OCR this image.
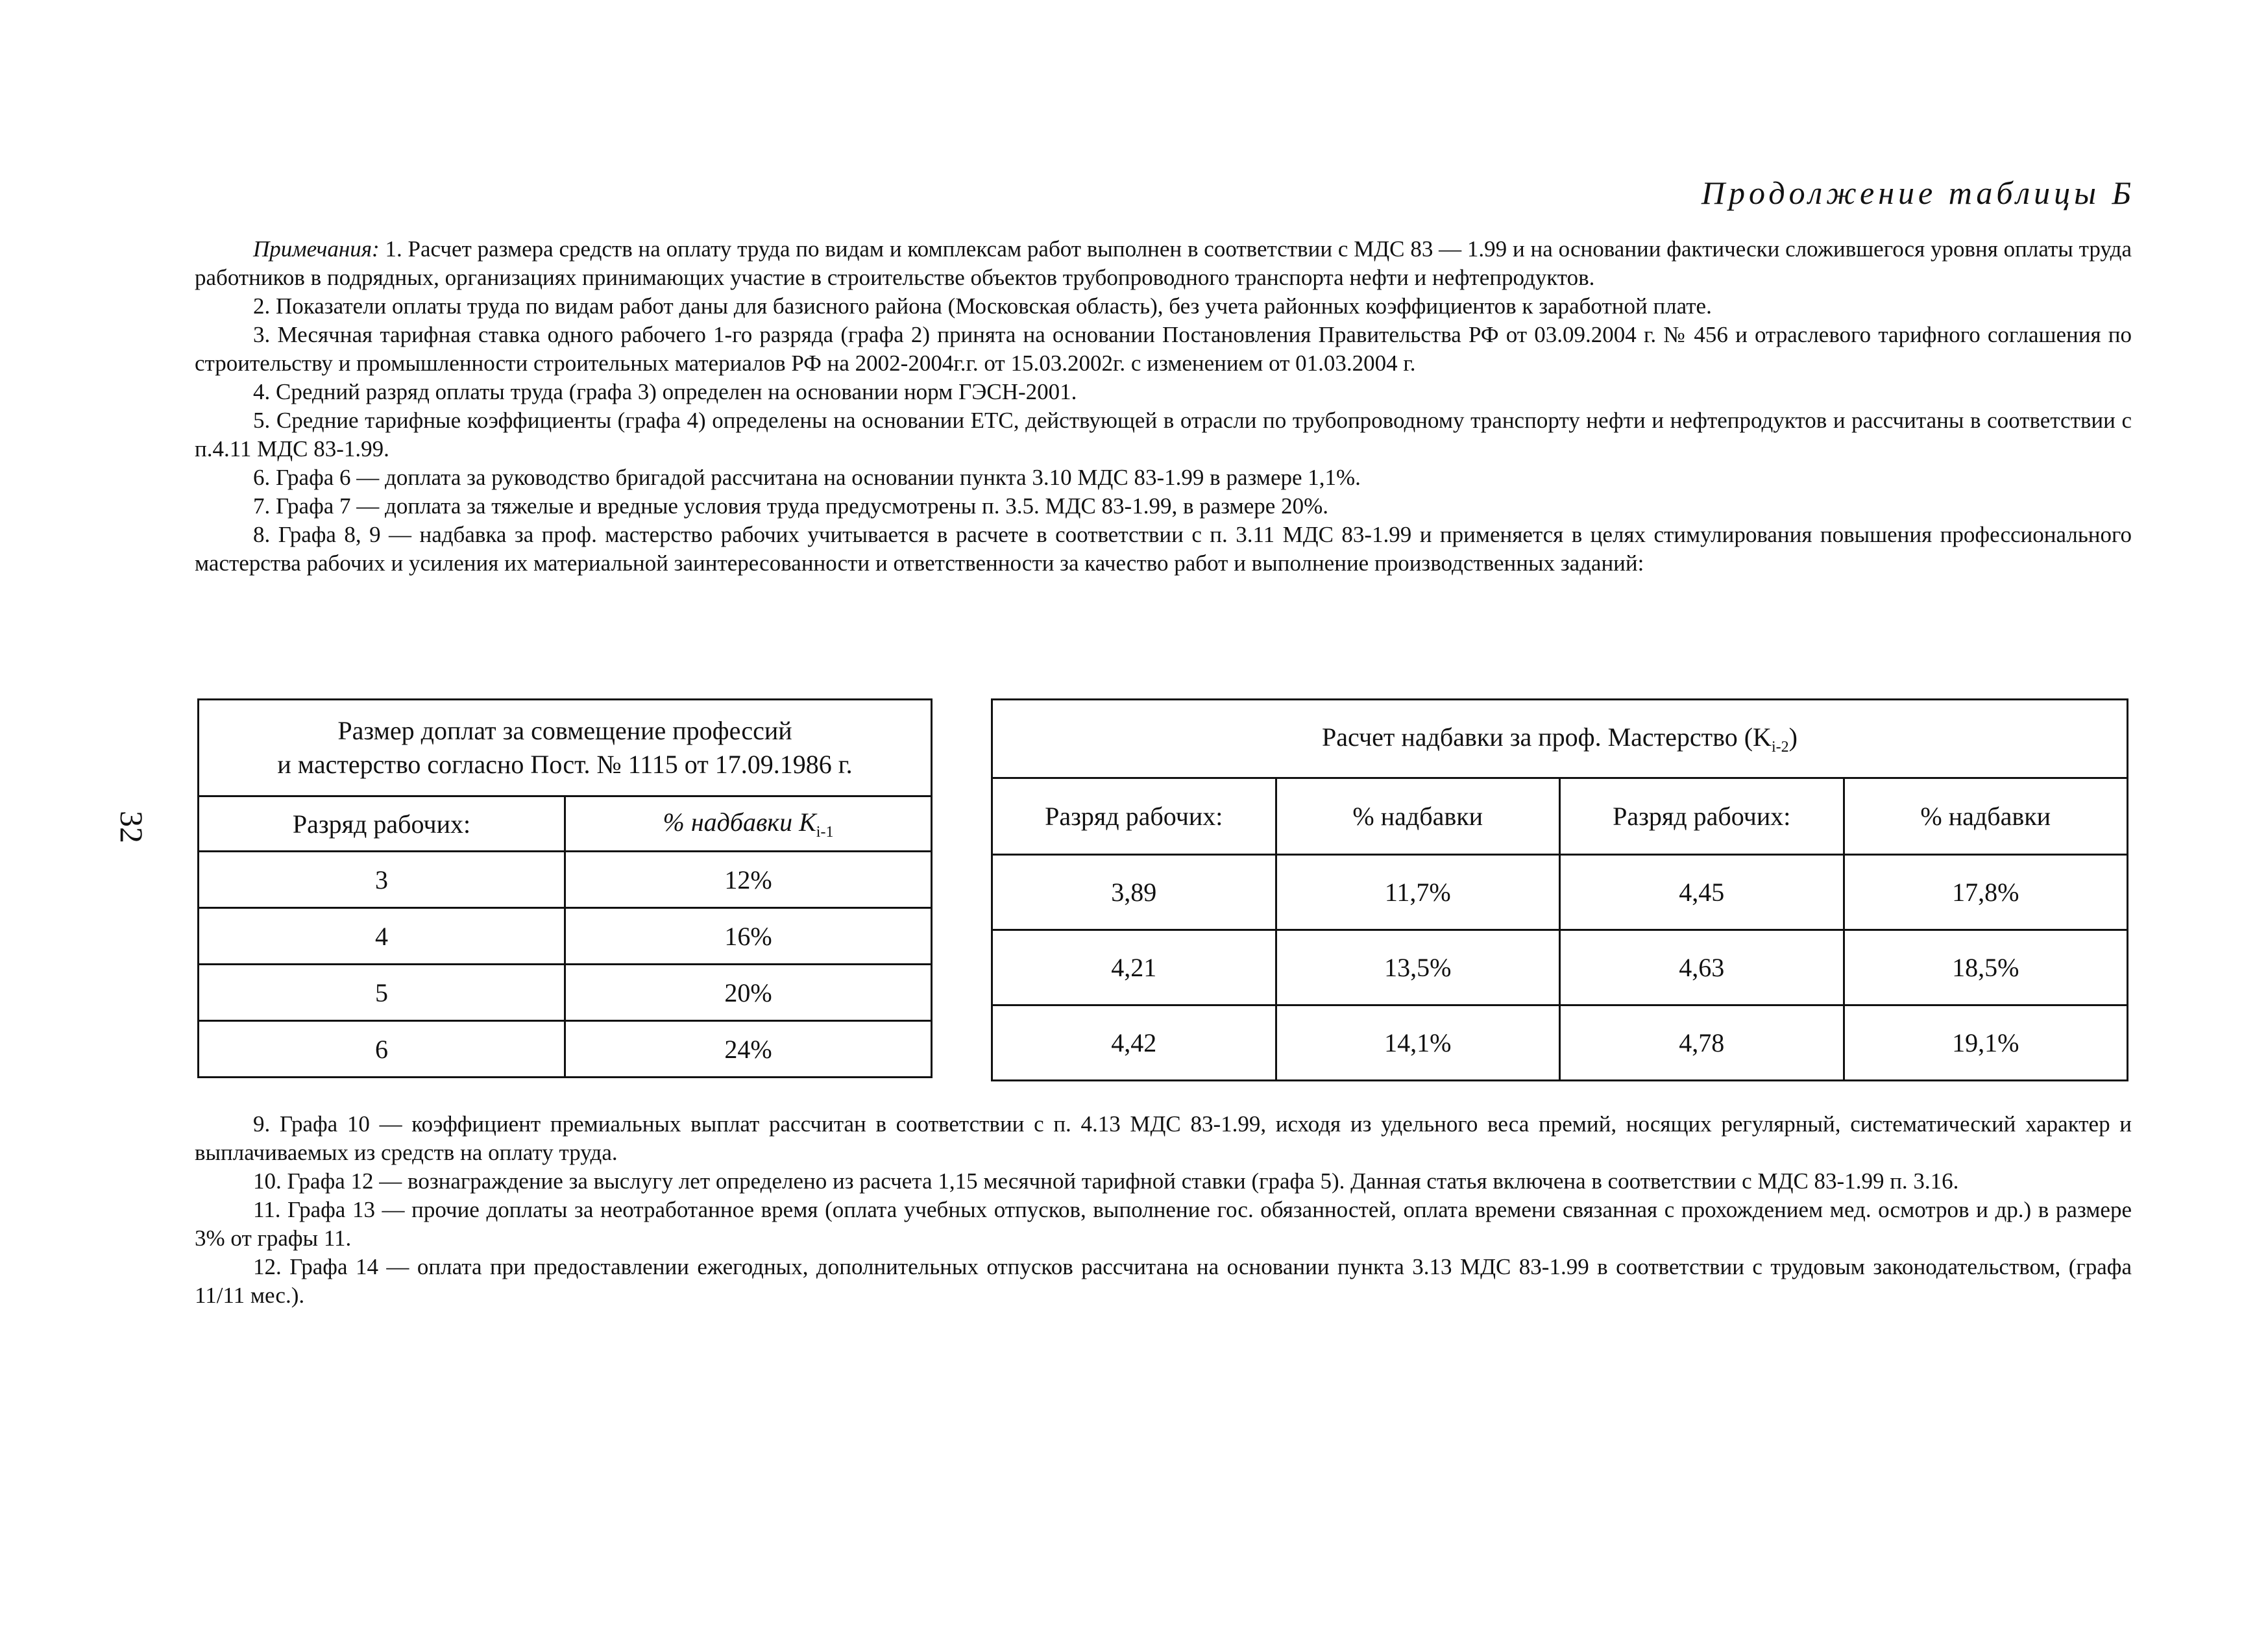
Продолжение таблицы Б
32

Примечания: 1. Расчет размера средств на оплату труда по видам и комплексам работ выполнен в соответствии с МДС 83 — 1.99 и на основании фактически сложившегося уровня оплаты труда работников в подрядных, организациях принимающих участие в строительстве объектов трубопроводного транспорта нефти и нефтепродуктов.

2. Показатели оплаты труда по видам работ даны для базисного района (Московская область), без учета районных коэффициентов к заработной плате.

3. Месячная тарифная ставка одного рабочего 1-го разряда (графа 2) принята на основании Постановления Правительства РФ от 03.09.2004 г. № 456 и отраслевого тарифного соглашения по строительству и промышленности строительных материалов РФ на 2002-2004г.г. от 15.03.2002г. с изменением от 01.03.2004 г.

4. Средний разряд оплаты труда (графа 3) определен на основании норм ГЭСН-2001.

5. Средние тарифные коэффициенты (графа 4) определены на основании ЕТС, действующей в отрасли по трубопроводному транспорту нефти и нефтепродуктов и рассчитаны в соответствии с п.4.11 МДС 83-1.99.

6. Графа 6 — доплата за руководство бригадой рассчитана на основании пункта 3.10 МДС 83-1.99 в размере 1,1%.

7. Графа 7 — доплата за тяжелые и вредные условия труда предусмотрены п. 3.5. МДС 83-1.99, в размере 20%.

8. Графа 8, 9 — надбавка за проф. мастерство рабочих учитывается в расчете в соответствии с п. 3.11 МДС 83-1.99 и применяется в целях стимулирования повышения профессионального мастерства рабочих и усиления их материальной заинтересованности и ответственности за качество работ и выполнение производственных заданий:

Размер доплат за совмещение профессий
и мастерство согласно Пост. № 1115 от 17.09.1986 г.	
Разряд рабочих:	% надбавки $K_{i-1}$
3	12%
4	16%
5	20%
6	24%
Расчет надбавки за проф. Мастерство $(K_{i-2})$			
Разряд рабочих:	% надбавки	Разряд рабочих:	% надбавки
3,89	11,7%	4,45	17,8%
4,21	13,5%	4,63	18,5%
4,42	14,1%	4,78	19,1%

9. Графа 10 — коэффициент премиальных выплат рассчитан в соответствии с п. 4.13 МДС 83-1.99, исходя из удельного веса премий, носящих регулярный, систематический характер и выплачиваемых из средств на оплату труда.

10. Графа 12 — вознаграждение за выслугу лет определено из расчета 1,15 месячной тарифной ставки (графа 5). Данная статья включена в соответствии с МДС 83-1.99 п. 3.16.

11. Графа 13 — прочие доплаты за неотработанное время (оплата учебных отпусков, выполнение гос. обязанностей, оплата времени связанная с прохождением мед. осмотров и др.) в размере 3% от графы 11.

12. Графа 14 — оплата при предоставлении ежегодных, дополнительных отпусков рассчитана на основании пункта 3.13 МДС 83-1.99 в соответствии с трудовым законодательством, (графа 11/11 мес.).
